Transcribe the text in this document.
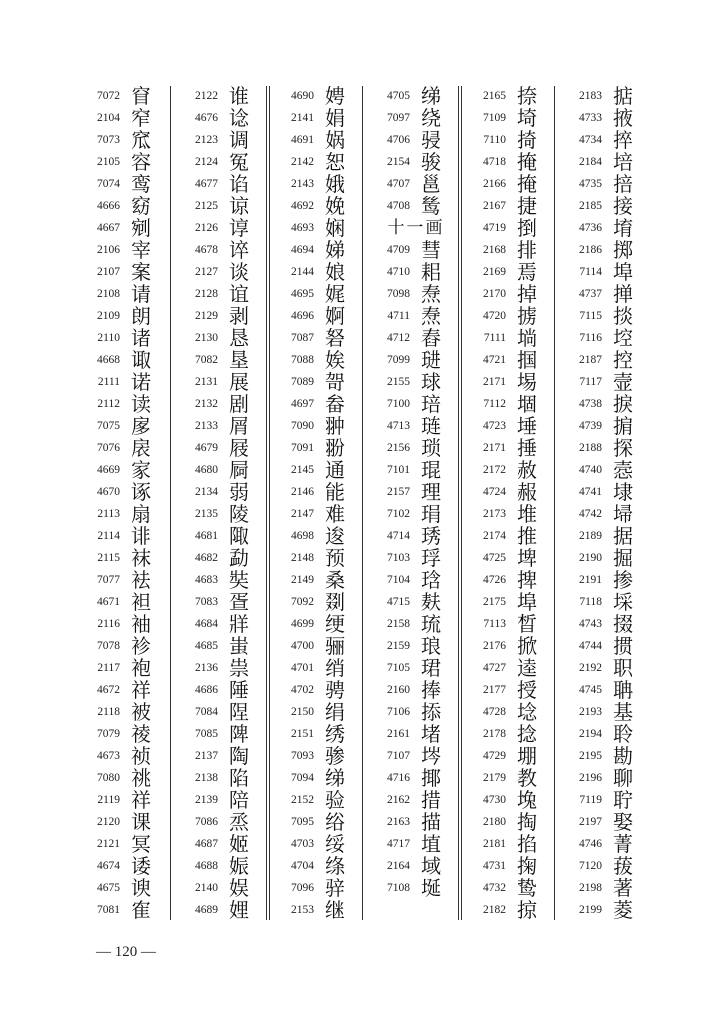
7072 窅
2104 窄
7073 窊
2105 容
7074 鸾
4666 窈
4667 剜
2106 宰
2107 案
2108 请
2109 朗
2110 诸
4668 诹
2111 诺
2112 读
7075 扅
7076 扆
4669 家
4670 诼
2113 扇
2114 诽
2115 袜
7077 袪
4671 袒
2116 袖
7078 袗
2117 袍
4672 祥
2118 被
7079 祾
4673 祯
7080 祧
2119 祥
2120 课
2121 冥
4674 诿
4675 谀
7081 隺
2122 谁
4676 谂
2123 调
2124 冤
4677 谄
2125 谅
2126 谆
4678 谇
2127 谈
2128 谊
2129 剥
2130 恳
7082 垦
2131 展
2132 剧
2133 屑
4679 屐
4680 屙
2134 弱
2135 陵
4681 陬
4682 勐
4683 奘
7083 疍
4684 牂
4685 蚩
2136 祟
4686 陲
7084 陧
7085 陴
2137 陶
2138 陷
2139 陪
7086 烝
4687 姬
4688 娠
2140 娱
4689 娌
4690 娉
2141 娟
4691 娲
2142 恕
2143 娥
4692 娩
4693 娴
4694 娣
2144 娘
4695 娓
4696 婀
7087 砮
7088 娭
7089 哿
4697 畚
7090 翀
7091 翂
2145 通
2146 能
2147 难
4698 逡
2148 预
2149 桑
7092 剟
4699 绠
4700 骊
4701 绡
4702 骋
2150 绢
2151 绣
7093 骖
7094 绨
2152 验
7095 绤
4703 绥
4704 绦
7096 骍
2153 继
4705 绨
7097 绕
4706 骎
2154 骏
4707 邕
4708 鸶
十一画
4709 彗
4710 耜
7098 焘
4711 焘
4712 舂
7099 琎
2155 球
7100 琣
4713 琏
2156 琐
7101 琨
2157 理
7102 琄
4714 琇
7103 琈
7104 琀
4715 麸
2158 琉
2159 琅
7105 珺
2160 捧
7106 掭
2161 堵
7107 埁
4716 揶
2162 措
2163 描
4717 埴
2164 域
7108 埏
2165 捺
7109 埼
7110 掎
4718 掩
2166 掩
2167 捷
4719 捯
2168 排
2169 焉
2170 掉
4720 掳
7111 埫
4721 掴
2171 埸
7112 堌
4723 埵
2171 捶
2172 赦
4724 赧
2173 堆
2174 推
4725 埤
4726 捭
2175 埠
7113 晳
2176 掀
4727 逵
2177 授
4728 埝
2178 捻
4729 堋
2179 教
4730 堍
2180 掏
2181 掐
4731 掬
4732 鸷
2182 掠
2183 掂
4733 掖
4734 捽
2184 培
4735 掊
2185 接
4736 堉
2186 掷
7114 埠
4737 掸
7115 掞
7116 埪
2187 控
7117 壸
4738 捩
4739 掮
2188 探
4740 悫
4741 埭
4742 埽
2189 据
2190 掘
2191 掺
7118 埰
4743 掇
4744 掼
2192 职
4745 聃
2193 基
2194 聆
2195 勘
2196 聊
7119 聍
2197 娶
4746 菁
7120 菝
2198 著
2199 菱
— 120 —
